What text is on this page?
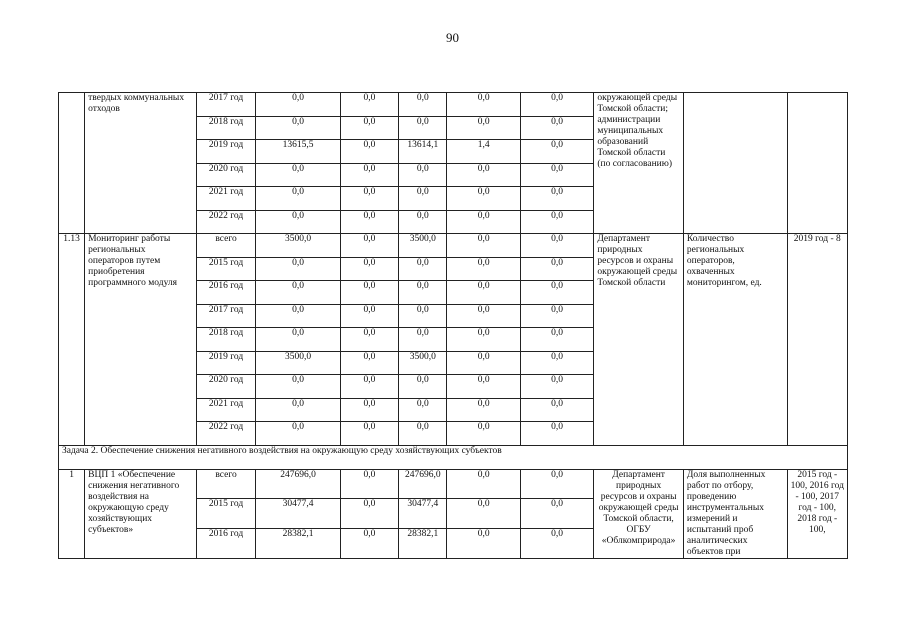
90
	твердых коммунальных отходов	2017 год	0,0	0,0	0,0	0,0	0,0	окружающей среды Томской области; администрации муниципальных образований Томской области (по согласованию)		
		2018 год	0,0	0,0	0,0	0,0	0,0			
		2019 год	13615,5	0,0	13614,1	1,4	0,0			
		2020 год	0,0	0,0	0,0	0,0	0,0			
		2021 год	0,0	0,0	0,0	0,0	0,0			
		2022 год	0,0	0,0	0,0	0,0	0,0			
1.13	Мониторинг работы региональных операторов путем приобретения программного модуля	всего	3500,0	0,0	3500,0	0,0	0,0	Департамент природных ресурсов и охраны окружающей среды Томской области	Количество региональных операторов, охваченных мониторингом, ед.	2019 год - 8
		2015 год	0,0	0,0	0,0	0,0	0,0			
		2016 год	0,0	0,0	0,0	0,0	0,0			
		2017 год	0,0	0,0	0,0	0,0	0,0			
		2018 год	0,0	0,0	0,0	0,0	0,0			
		2019 год	3500,0	0,0	3500,0	0,0	0,0			
		2020 год	0,0	0,0	0,0	0,0	0,0			
		2021 год	0,0	0,0	0,0	0,0	0,0			
		2022 год	0,0	0,0	0,0	0,0	0,0			
Задача 2. Обеспечение снижения негативного воздействия на окружающую среду хозяйствующих субъектов										
1	ВЦП 1 «Обеспечение снижения негативного воздействия на окружающую среду хозяйствующих субъектов»	всего	247696,0	0,0	247696,0	0,0	0,0	Департамент природных ресурсов и охраны окружающей среды Томской области, ОГБУ «Облкомприрода»	Доля выполненных работ по отбору, проведению инструментальных измерений и испытаний проб аналитических объектов при	2015 год - 100, 2016 год - 100, 2017 год - 100, 2018 год - 100,
		2015 год	30477,4	0,0	30477,4	0,0	0,0			
		2016 год	28382,1	0,0	28382,1	0,0	0,0			
